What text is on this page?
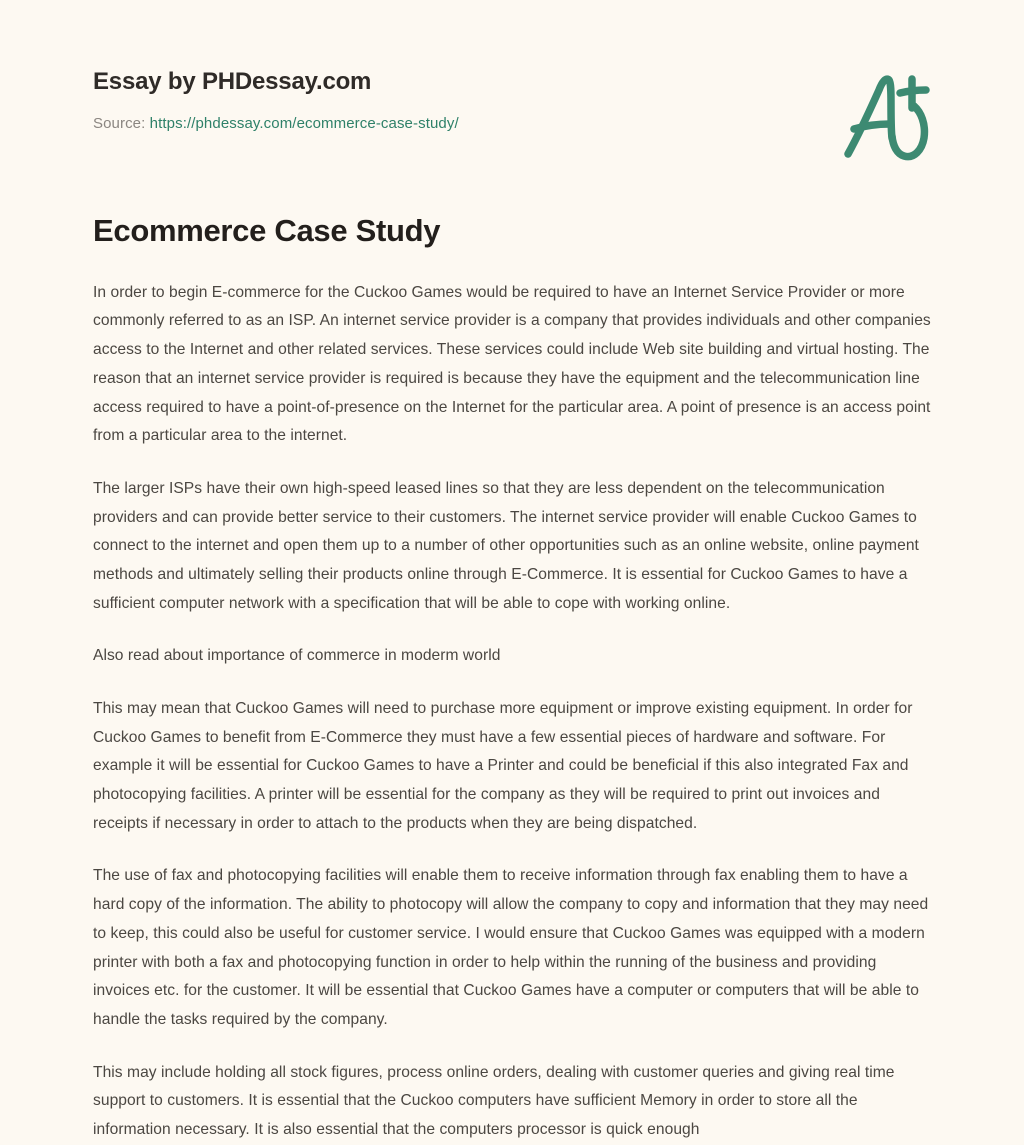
Essay by PHDessay.com
Source: https://phdessay.com/ecommerce-case-study/
Ecommerce Case Study

In order to begin E-commerce for the Cuckoo Games would be required to have an Internet Service Provider or more commonly referred to as an ISP. An internet service provider is a company that provides individuals and other companies access to the Internet and other related services. These services could include Web site building and virtual hosting. The reason that an internet service provider is required is because they have the equipment and the telecommunication line access required to have a point-of-presence on the Internet for the particular area. A point of presence is an access point from a particular area to the internet.

The larger ISPs have their own high-speed leased lines so that they are less dependent on the telecommunication providers and can provide better service to their customers. The internet service provider will enable Cuckoo Games to connect to the internet and open them up to a number of other opportunities such as an online website, online payment methods and ultimately selling their products online through E-Commerce. It is essential for Cuckoo Games to have a sufficient computer network with a specification that will be able to cope with working online.

Also read about importance of commerce in moderm world

This may mean that Cuckoo Games will need to purchase more equipment or improve existing equipment. In order for Cuckoo Games to benefit from E-Commerce they must have a few essential pieces of hardware and software. For example it will be essential for Cuckoo Games to have a Printer and could be beneficial if this also integrated Fax and photocopying facilities. A printer will be essential for the company as they will be required to print out invoices and receipts if necessary in order to attach to the products when they are being dispatched.

The use of fax and photocopying facilities will enable them to receive information through fax enabling them to have a hard copy of the information. The ability to photocopy will allow the company to copy and information that they may need to keep, this could also be useful for customer service. I would ensure that Cuckoo Games was equipped with a modern printer with both a fax and photocopying function in order to help within the running of the business and providing invoices etc. for the customer. It will be essential that Cuckoo Games have a computer or computers that will be able to handle the tasks required by the company.

This may include holding all stock figures, process online orders, dealing with customer queries and giving real time support to customers. It is essential that the Cuckoo computers have sufficient Memory in order to store all the information necessary. It is also essential that the computers processor is quick enough
